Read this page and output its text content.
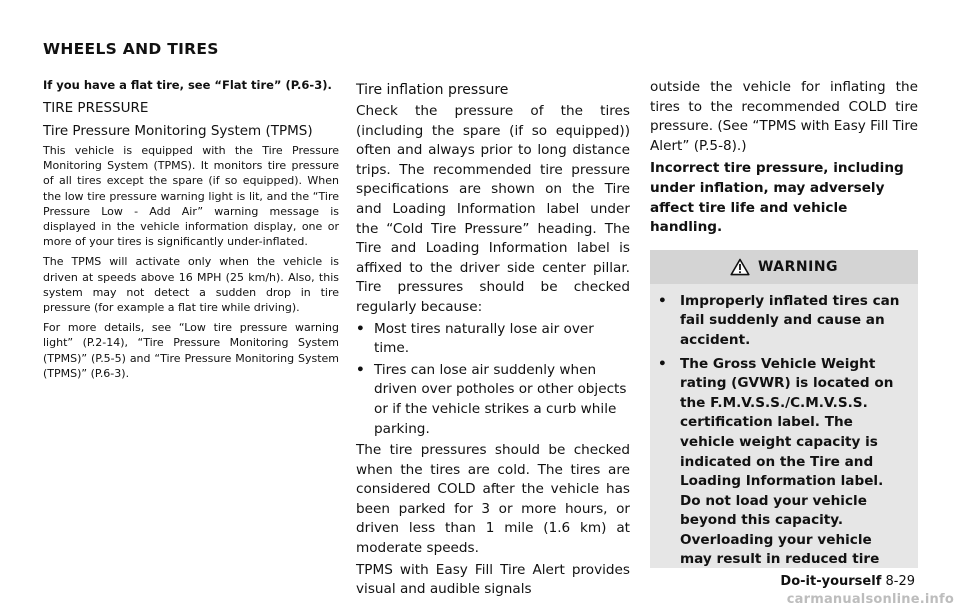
WHEELS AND TIRES

If you have a flat tire, see “Flat tire” (P.6-3).

TIRE PRESSURE

Tire Pressure Monitoring System (TPMS)

This vehicle is equipped with the Tire Pressure Monitoring System (TPMS). It monitors tire pressure of all tires except the spare (if so equipped). When the low tire pressure warning light is lit, and the “Tire Pressure Low - Add Air” warning message is displayed in the vehicle information display, one or more of your tires is significantly under-inflated.

The TPMS will activate only when the vehicle is driven at speeds above 16 MPH (25 km/h). Also, this system may not detect a sudden drop in tire pressure (for example a flat tire while driving).

For more details, see “Low tire pressure warning light” (P.2-14), “Tire Pressure Monitoring System (TPMS)” (P.5-5) and “Tire Pressure Monitoring System (TPMS)” (P.6-3).

Tire inflation pressure

Check the pressure of the tires (including the spare (if so equipped)) often and always prior to long distance trips. The recommended tire pressure specifications are shown on the Tire and Loading Information label under the “Cold Tire Pressure” heading. The Tire and Loading Information label is affixed to the driver side center pillar. Tire pressures should be checked regularly because:

• Most tires naturally lose air over time.
• Tires can lose air suddenly when driven over potholes or other objects or if the vehicle strikes a curb while parking.

The tire pressures should be checked when the tires are cold. The tires are considered COLD after the vehicle has been parked for 3 or more hours, or driven less than 1 mile (1.6 km) at moderate speeds.

TPMS with Easy Fill Tire Alert provides visual and audible signals

outside the vehicle for inflating the tires to the recommended COLD tire pressure. (See “TPMS with Easy Fill Tire Alert” (P.5-8).)

Incorrect tire pressure, including under inflation, may adversely affect tire life and vehicle handling.

WARNING
• Improperly inflated tires can fail suddenly and cause an accident.
• The Gross Vehicle Weight rating (GVWR) is located on the F.M.V.S.S./C.M.V.S.S. certification label. The vehicle weight capacity is indicated on the Tire and Loading Information label. Do not load your vehicle beyond this capacity. Overloading your vehicle may result in reduced tire
Do-it-yourself 8-29
carmanualsonline.info
